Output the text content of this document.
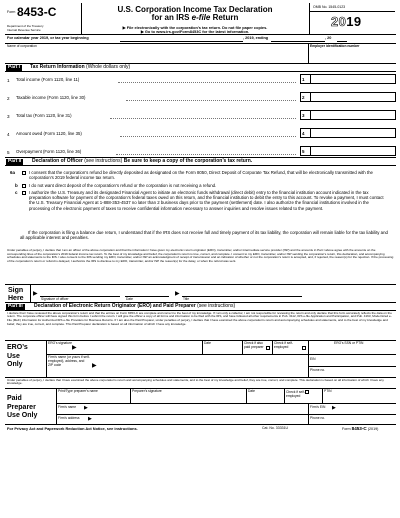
Form 8453-C
Department of the Treasury
Internal Revenue Service
U.S. Corporation Income Tax Declaration
for an IRS e-file Return
▶ File electronically with the corporation’s tax return. Do not file paper copies.
▶ Go to www.irs.gov/Form8453C for the latest information.
OMB No. 1545-0123
2019
For calendar year 2019, or tax year beginning	, 2019, ending	, 20
Name of corporation	Employer identification number
Part I	Tax Return Information (Whole dollars only)
1 Total income (Form 1120, line 11)	1
2 Taxable income (Form 1120, line 30)	2
3 Total tax (Form 1120, line 31)	3
4 Amount owed (Form 1120, line 35)	4
5 Overpayment (Form 1120, line 36)	5
Part II	Declaration of Officer (see instructions) Be sure to keep a copy of the corporation’s tax return.
6a	I consent that the corporation’s refund be directly deposited as designated on the Form 8050, Direct Deposit of Corporate Tax Refund, that will be electronically transmitted with the corporation’s 2019 federal income tax return.
b	I do not want direct deposit of the corporation’s refund or the corporation is not receiving a refund.
c	I authorize the U.S. Treasury and its designated Financial Agent to initiate an electronic funds withdrawal (direct debit) entry to the financial institution account indicated in the tax preparation software for payment of the corporation’s federal taxes owed on this return, and the financial institution to debit the entry to this account. To revoke a payment, I must contact the U.S. Treasury Financial Agent at 1-888-353-4537 no later than 2 business days prior to the payment (settlement) date. I also authorize the financial institutions involved in the processing of the electronic payment of taxes to receive confidential information necessary to answer inquiries and resolve issues related to the payment.
If the corporation is filing a balance due return, I understand that if the IRS does not receive full and timely payment of its tax liability, the corporation will remain liable for the tax liability and all applicable interest and penalties.
Under penalties of perjury, I declare that I am an officer of the above corporation and that the information I have given my electronic return originator (ERO), transmitter, and/or intermediate service provider (ISP) and the amounts in Part I above agree with the amounts on the corresponding lines of the corporation’s 2019 federal income tax return. To the best of my knowledge and belief, the corporation’s return is true, correct, and complete. I consent to my ERO, transmitter, and/or ISP sending the corporation’s return, this declaration, and accompanying schedules and statements to the IRS. I also consent to the IRS sending my ERO, transmitter, and/or ISP an acknowledgment of receipt of transmission and an indication of whether or not the corporation’s return is accepted, and, if rejected, the reason(s) for the rejection. If the processing of the corporation’s return or refund is delayed, I authorize the IRS to disclose to my ERO, transmitter, and/or ISP the reason(s) for the delay, or when the refund was sent.
Sign
Here
▶
Signature of officer	Date
▶
Title
Part III	Declaration of Electronic Return Originator (ERO) and Paid Preparer (see instructions)
I declare that I have reviewed the above corporation’s return and that the entries on Form 8453-C are complete and correct to the best of my knowledge. If I am only a collector, I am not responsible for reviewing the return and only declare that this form accurately reflects the data on the return. The corporate officer will have signed this form before I submit the return. I will give the officer a copy of all forms and information to be filed with the IRS, and have followed all other requirements in Pub. 3112, IRS e-file Application and Participation, and Pub. 4163, Modernized e-File (MeF) Information for Authorized IRS e-file Providers for Business Returns. If I am also the Paid Preparer, under penalties of perjury, I declare that I have examined the above corporation’s return and accompanying schedules and statements, and to the best of my knowledge and belief, they are true, correct, and complete. This Paid Preparer declaration is based on all information of which I have any knowledge.
ERO’s
Use
Only
ERO’s signature
▶
Date	Check if also paid preparer
Check if self-employed
ERO’s SSN or PTIN
Firm’s name (or yours if self-employed), address, and ZIP code	▶
EIN
Phone no.
Under penalties of perjury, I declare that I have examined the above corporation’s return and accompanying schedules and statements, and to the best of my knowledge and belief, they are true, correct, and complete. This declaration is based on all information of which I have any knowledge.
Paid
Preparer
Use Only
Print/Type preparer’s name	Preparer’s signature	Date	Check if self-employed
PTIN
Firm’s name ▶	Firm’s EIN ▶
Firm’s address ▶	Phone no.
For Privacy Act and Paperwork Reduction Act Notice, see instructions.	Cat. No. 33331U	Form 8453-C (2019)
